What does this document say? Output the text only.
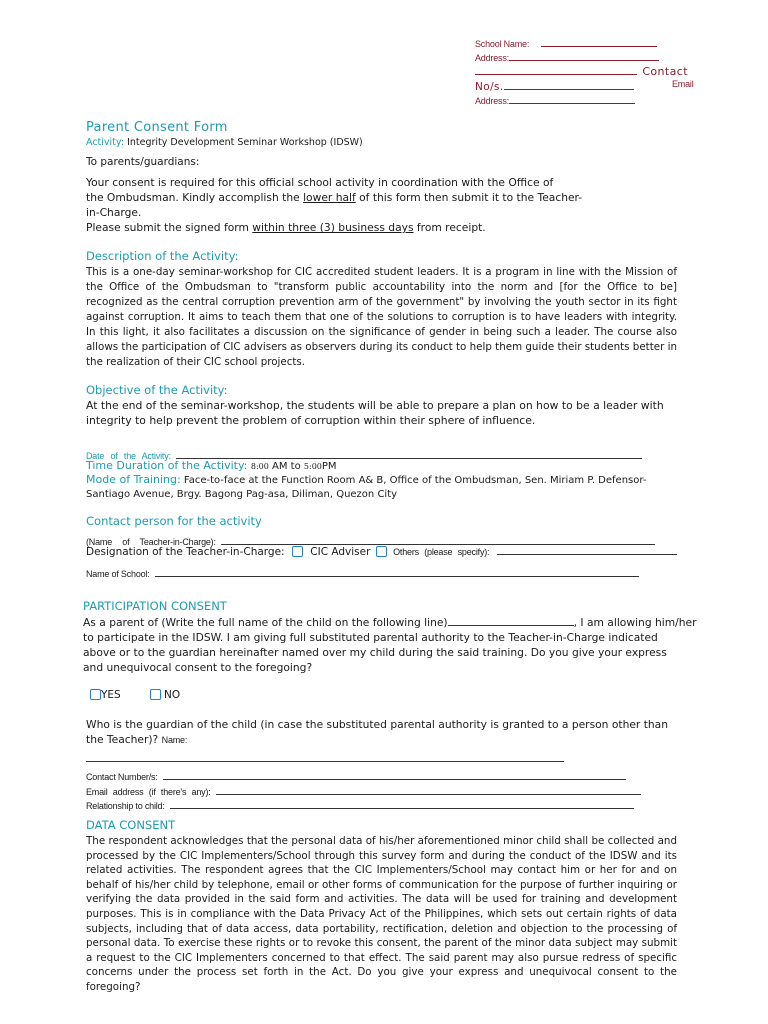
School Name:
Address:
Contact
No/s.	Email
Address:
Parent Consent Form
Activity: Integrity Development Seminar Workshop (IDSW)
To parents/guardians:
Your consent is required for this official school activity in coordination with the Office of
the Ombudsman. Kindly accomplish the lower half of this form then submit it to the Teacher-
in-Charge.
Please submit the signed form within three (3) business days from receipt.
Description of the Activity:
This is a one-day seminar-workshop for CIC accredited student leaders. It is a program in line with the Mission of the Office of the Ombudsman to "transform public accountability into the norm and [for the Office to be] recognized as the central corruption prevention arm of the government" by involving the youth sector in its fight against corruption. It aims to teach them that one of the solutions to corruption is to have leaders with integrity. In this light, it also facilitates a discussion on the significance of gender in being such a leader. The course also allows the participation of CIC advisers as observers during its conduct to help them guide their students better in the realization of their CIC school projects.
Objective of the Activity:
At the end of the seminar-workshop, the students will be able to prepare a plan on how to be a leader with integrity to help prevent the problem of corruption within their sphere of influence.
Date of the Activity:
Time Duration of the Activity: 8:00 AM to 5:00PM
Mode of Training: Face-to-face at the Function Room A& B, Office of the Ombudsman, Sen. Miriam P. Defensor-
Santiago Avenue, Brgy. Bagong Pag-asa, Diliman, Quezon City
Contact person for the activity
(Name of Teacher-in-Charge):
Designation of the Teacher-in-Charge: CIC Adviser	Others (please specify):
Name of School:
PARTICIPATION CONSENT
As a parent of (Write the full name of the child on the following line)	, I am allowing him/her
to participate in the IDSW. I am giving full substituted parental authority to the Teacher-in-Charge indicated
above or to the guardian hereinafter named over my child during the said training. Do you give your express
and unequivocal consent to the foregoing?
YES	NO
Who is the guardian of the child (in case the substituted parental authority is granted to a person other than
the Teacher)? Name:
Contact Number/s:
Email address (if there's any):
Relationship to child:
DATA CONSENT
The respondent acknowledges that the personal data of his/her aforementioned minor child shall be collected and processed by the CIC Implementers/School through this survey form and during the conduct of the IDSW and its related activities. The respondent agrees that the CIC Implementers/School may contact him or her for and on behalf of his/her child by telephone, email or other forms of communication for the purpose of further inquiring or verifying the data provided in the said form and activities. The data will be used for training and development purposes. This is in compliance with the Data Privacy Act of the Philippines, which sets out certain rights of data subjects, including that of data access, data portability, rectification, deletion and objection to the processing of personal data. To exercise these rights or to revoke this consent, the parent of the minor data subject may submit a request to the CIC Implementers concerned to that effect. The said parent may also pursue redress of specific concerns under the process set forth in the Act. Do you give your express and unequivocal consent to the foregoing?
